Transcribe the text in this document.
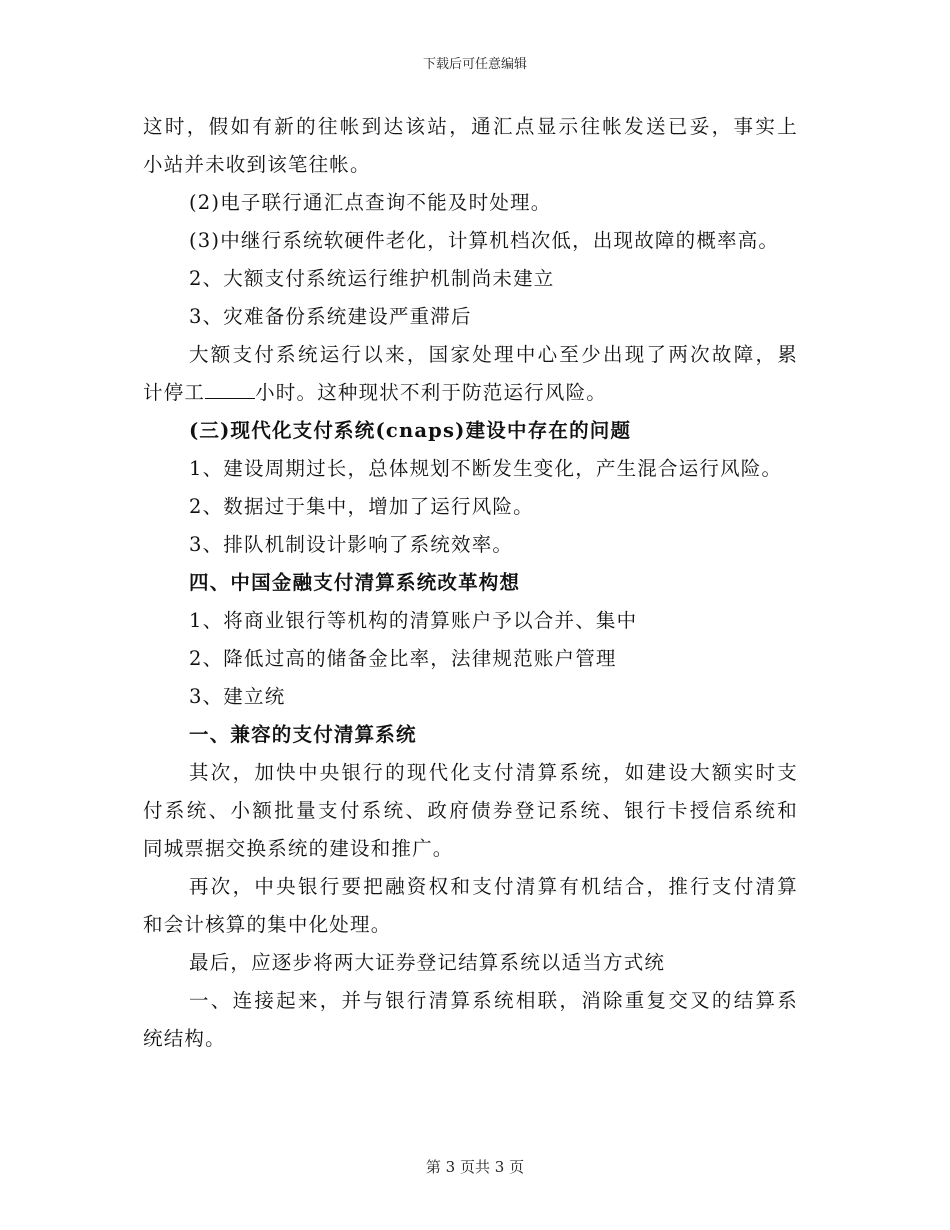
下载后可任意编辑
这时，假如有新的往帐到达该站，通汇点显示往帐发送已妥，事实上
小站并未收到该笔往帐。
(2)电子联行通汇点查询不能及时处理。
(3)中继行系统软硬件老化，计算机档次低，出现故障的概率高。
2、大额支付系统运行维护机制尚未建立
3、灾难备份系统建设严重滞后
大额支付系统运行以来，国家处理中心至少出现了两次故障，累
计停工	小时。这种现状不利于防范运行风险。
(三)现代化支付系统(cnaps)建设中存在的问题
1、建设周期过长，总体规划不断发生变化，产生混合运行风险。
2、数据过于集中，增加了运行风险。
3、排队机制设计影响了系统效率。
四、中国金融支付清算系统改革构想
1、将商业银行等机构的清算账户予以合并、集中
2、降低过高的储备金比率，法律规范账户管理
3、建立统
一、兼容的支付清算系统
其次，加快中央银行的现代化支付清算系统，如建设大额实时支
付系统、小额批量支付系统、政府债券登记系统、银行卡授信系统和
同城票据交换系统的建设和推广。
再次，中央银行要把融资权和支付清算有机结合，推行支付清算
和会计核算的集中化处理。
最后，应逐步将两大证券登记结算系统以适当方式统
一、连接起来，并与银行清算系统相联，消除重复交叉的结算系
统结构。
第 3 页共 3 页
